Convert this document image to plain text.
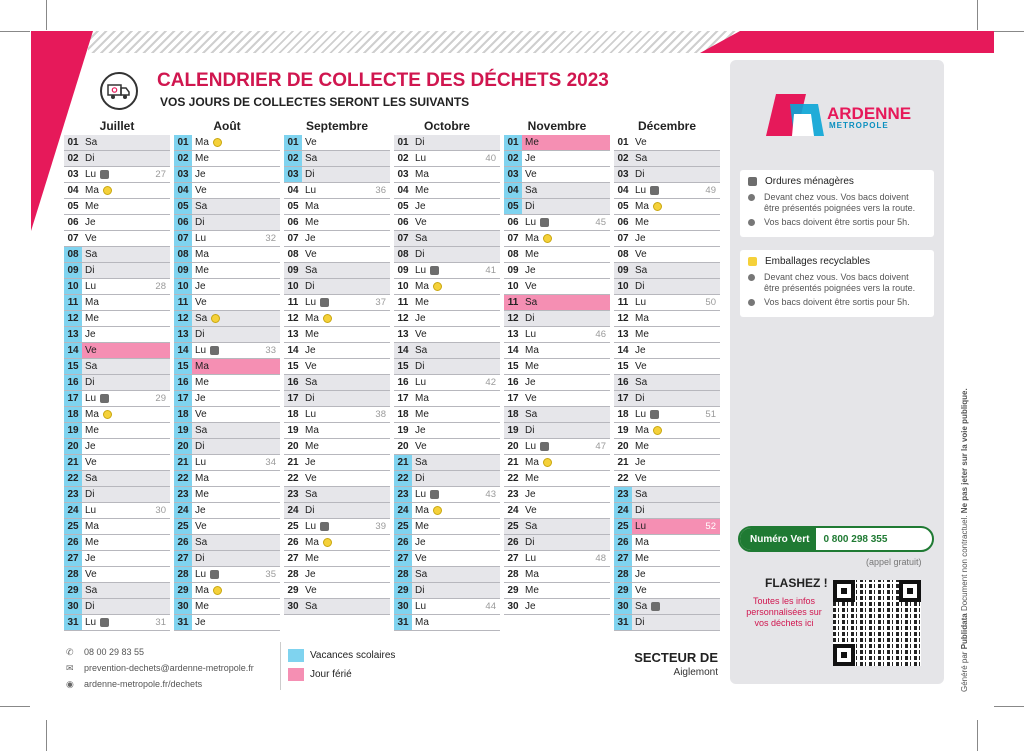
CALENDRIER DE COLLECTE DES DÉCHETS 2023
VOS JOURS DE COLLECTES SERONT LES SUIVANTS
Juillet
01 Sa
02 Di
03 Lu	27
04 Ma
05 Me
06 Je
07 Ve
08 Sa
09 Di
10 Lu	28
11 Ma
12 Me
13 Je
14 Ve
15 Sa
16 Di
17 Lu	29
18 Ma
19 Me
20 Je
21 Ve
22 Sa
23 Di
24 Lu	30
25 Ma
26 Me
27 Je
28 Ve
29 Sa
30 Di
31 Lu	31
Août
01 Ma
02 Me
03 Je
04 Ve
05 Sa
06 Di
07 Lu	32
08 Ma
09 Me
10 Je
11 Ve
12 Sa
13 Di
14 Lu	33
15 Ma
16 Me
17 Je
18 Ve
19 Sa
20 Di
21 Lu	34
22 Ma
23 Me
24 Je
25 Ve
26 Sa
27 Di
28 Lu	35
29 Ma
30 Me
31 Je
Septembre
01 Ve
02 Sa
03 Di
04 Lu	36
05 Ma
06 Me
07 Je
08 Ve
09 Sa
10 Di
11 Lu	37
12 Ma
13 Me
14 Je
15 Ve
16 Sa
17 Di
18 Lu	38
19 Ma
20 Me
21 Je
22 Ve
23 Sa
24 Di
25 Lu	39
26 Ma
27 Me
28 Je
29 Ve
30 Sa
Octobre
01 Di
02 Lu	40
03 Ma
04 Me
05 Je
06 Ve
07 Sa
08 Di
09 Lu	41
10 Ma
11 Me
12 Je
13 Ve
14 Sa
15 Di
16 Lu	42
17 Ma
18 Me
19 Je
20 Ve
21 Sa
22 Di
23 Lu	43
24 Ma
25 Me
26 Je
27 Ve
28 Sa
29 Di
30 Lu	44
31 Ma
Novembre
01 Me
02 Je
03 Ve
04 Sa
05 Di
06 Lu	45
07 Ma
08 Me
09 Je
10 Ve
11 Sa
12 Di
13 Lu	46
14 Ma
15 Me
16 Je
17 Ve
18 Sa
19 Di
20 Lu	47
21 Ma
22 Me
23 Je
24 Ve
25 Sa
26 Di
27 Lu	48
28 Ma
29 Me
30 Je
Décembre
01 Ve
02 Sa
03 Di
04 Lu	49
05 Ma
06 Me
07 Je
08 Ve
09 Sa
10 Di
11 Lu	50
12 Ma
13 Me
14 Je
15 Ve
16 Sa
17 Di
18 Lu	51
19 Ma
20 Me
21 Je
22 Ve
23 Sa
24 Di
25 Lu	52
26 Ma
27 Me
28 Je
29 Ve
30 Sa
31 Di
ARDENNE
METROPOLE
Ordures ménagères
Devant chez vous. Vos bacs doivent être présentés poignées vers la route.
Vos bacs doivent être sortis pour 5h.
Emballages recyclables
Devant chez vous. Vos bacs doivent être présentés poignées vers la route.
Vos bacs doivent être sortis pour 5h.
Numéro Vert	0 800 298 355
(appel gratuit)
FLASHEZ !
Toutes les infos personnalisées sur vos déchets ici
✆ 08 00 29 83 55
✉ prevention-dechets@ardenne-metropole.fr
◉ ardenne-metropole.fr/dechets
Vacances scolaires
Jour férié
SECTEUR DE
Aiglemont	Généré par Publidata Document non contractuel. Ne pas jeter sur la voie publique.
